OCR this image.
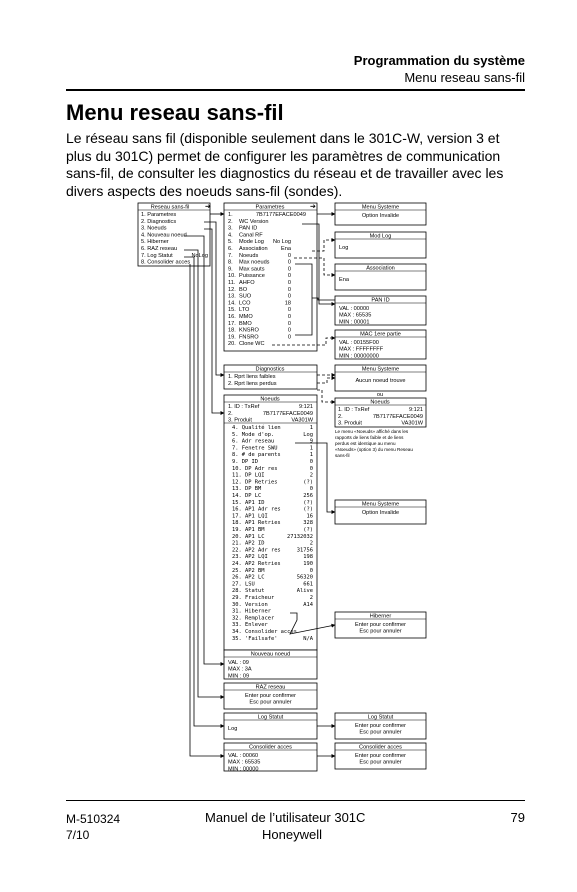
Programmation du système
Menu reseau sans-fil
Menu reseau sans-fil
Le réseau sans fil (disponible seulement dans le 301C-W, version 3 et plus du 301C) permet de configurer les paramètres de communication sans-fil, de consulter les diagnostics du réseau et de travailler avec les divers aspects des noeuds sans-fil (sondes).
Reseau sans-fil ➔
1. Parametres
2. Diagnostics
3. Noeuds
4. Nouveau noeud
5. Hiberner
6. RAZ reseau
7. Log Statut
8. Consolider acces
NoLog
Parametres	➔
1.	7B7177EFACE0049
2. WC Version
3. PAN ID
4. Canal RF
5. Mode Log No Log
6. Association Ena
7. Noeuds	0
8. Max noeuds	0
9. Max sauts	0
10. Puissance	0
11. AHFO	0
12. BO	0
13. SUO	0
14. LCO	18
15. LTO	0
16. MMO	0
17. BMO	0
18. KNSRO	0
19. FNSRO	0
20. Clone WC
Menu Systeme
Option Invalide
Mod Log
Log
Association
Ena
PAN ID
VAL : 00000
MAX : 65535
MIN : 00001
MAC 1ere partie
VAL : 00155F00
MAX : FFFFFFFF
MIN : 00000000
Diagnostics
1. Rprt liens faibles
2. Rprt liens perdus
Menu Systeme
Aucun noeud trouve
ou
Noeuds
1. ID : TxRef	9:121
2.	7B7177EFACE0049
3. Produit	VA301W
4. Qualité lien	1
5. Mode d'op.	Log
6. Adr reseau	9
7. Fenetre SWU	1
8. # de parents	1
9. DP ID	0
10. DP Adr res	0
11. DP LQI	2
12. DP Retries	(?)
13. DP BM	0
14. DP LC	256
15. AP1 ID	(?)
16. AP1 Adr res	(?)
17. AP1 LQI	16
18. AP1 Retries	328
19. AP1 BM	(?)
20. AP1 LC	27132032
21. AP2 ID	2
22. AP2 Adr res	31756
23. AP2 LQI	198
24. AP2 Retries	190
25. AP2 BM	0
26. AP2 LC	56320
27. LSU	661
28. Statut	Alive
29. Fraicheur	2
30. Version	A14
31. Hiberner
32. Remplacer
33. Enlever
34. Consolider acces
35. 'Failsafe'	N/A
Noeuds
1. ID : TxRef	9:121
2.	7B7177EFACE0049
3. Produit	VA301W
Le menu «Noeuds» affiché dans les
rapports de liens faible et de liens
perdus est identique au menu
«Noeuds» (option 3) du menu Reseau
sans-fil
Menu Systeme
Option Invalide
Hiberner
Enter pour confirmer
Esc pour annuler
Nouveau noeud
VAL : 09
MAX : 3A
MIN : 09
RAZ reseau
Enter pour confirmer
Esc pour annuler
Log Statut
Log
Log Statut
Enter pour confirmer
Esc pour annuler
Consolider acces
VAL : 00060
MAX : 65535
MIN : 00000
Consolider acces
Enter pour confirmer
Esc pour annuler
M-510324
7/10
Manuel de l’utilisateur 301C
Honeywell
79
